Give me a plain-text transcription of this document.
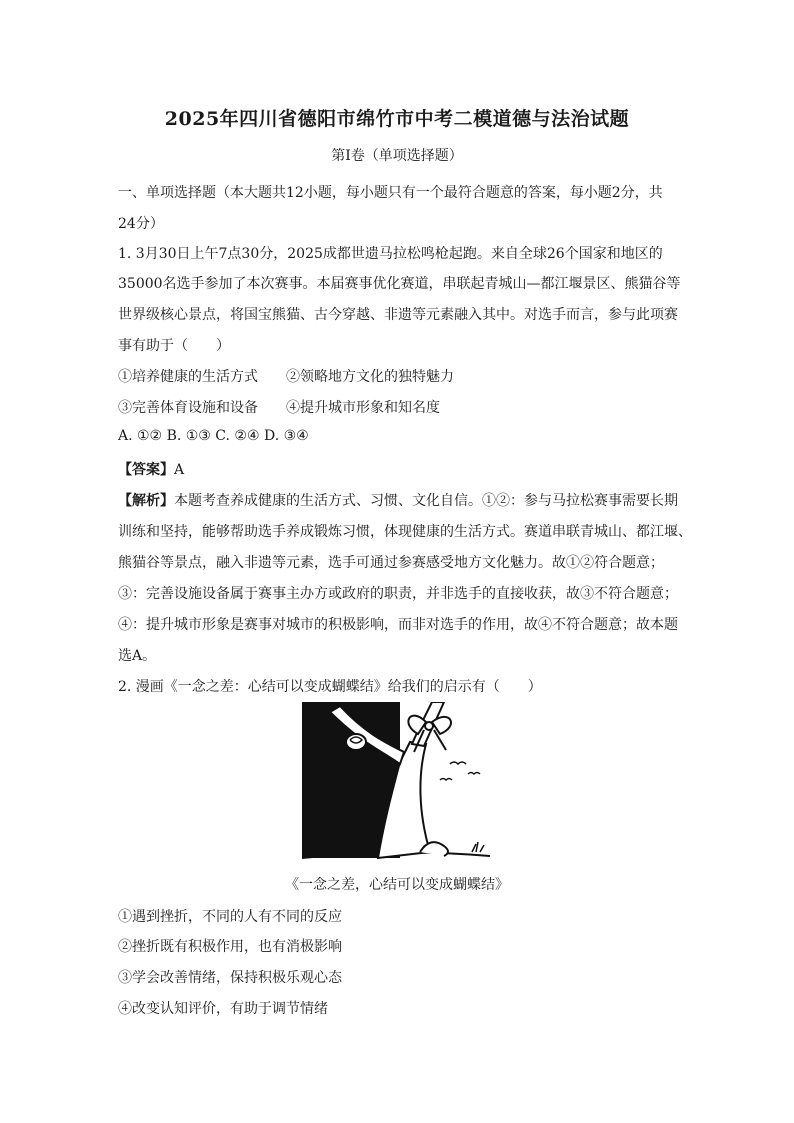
2025年四川省德阳市绵竹市中考二模道德与法治试题
第Ⅰ卷（单项选择题）
一、单项选择题（本大题共12小题，每小题只有一个最符合题意的答案，每小题2分，共
24分）
1. 3月30日上午7点30分，2025成都世遗马拉松鸣枪起跑。来自全球26个国家和地区的
35000名选手参加了本次赛事。本届赛事优化赛道，串联起青城山—都江堰景区、熊猫谷等
世界级核心景点，将国宝熊猫、古今穿越、非遗等元素融入其中。对选手而言，参与此项赛
事有助于（　　）
①培养健康的生活方式　　②领略地方文化的独特魅力
③完善体育设施和设备　　④提升城市形象和知名度
A. ①② B. ①③ C. ②④ D. ③④
【答案】A
【解析】本题考查养成健康的生活方式、习惯、文化自信。①②：参与马拉松赛事需要长期
训练和坚持，能够帮助选手养成锻炼习惯，体现健康的生活方式。赛道串联青城山、都江堰、
熊猫谷等景点，融入非遗等元素，选手可通过参赛感受地方文化魅力。故①②符合题意；
③：完善设施设备属于赛事主办方或政府的职责，并非选手的直接收获，故③不符合题意；
④：提升城市形象是赛事对城市的积极影响，而非对选手的作用，故④不符合题意；故本题
选A。
2. 漫画《一念之差：心结可以变成蝴蝶结》给我们的启示有（　　）
《一念之差，心结可以变成蝴蝶结》
①遇到挫折，不同的人有不同的反应
②挫折既有积极作用，也有消极影响
③学会改善情绪，保持积极乐观心态
④改变认知评价，有助于调节情绪
